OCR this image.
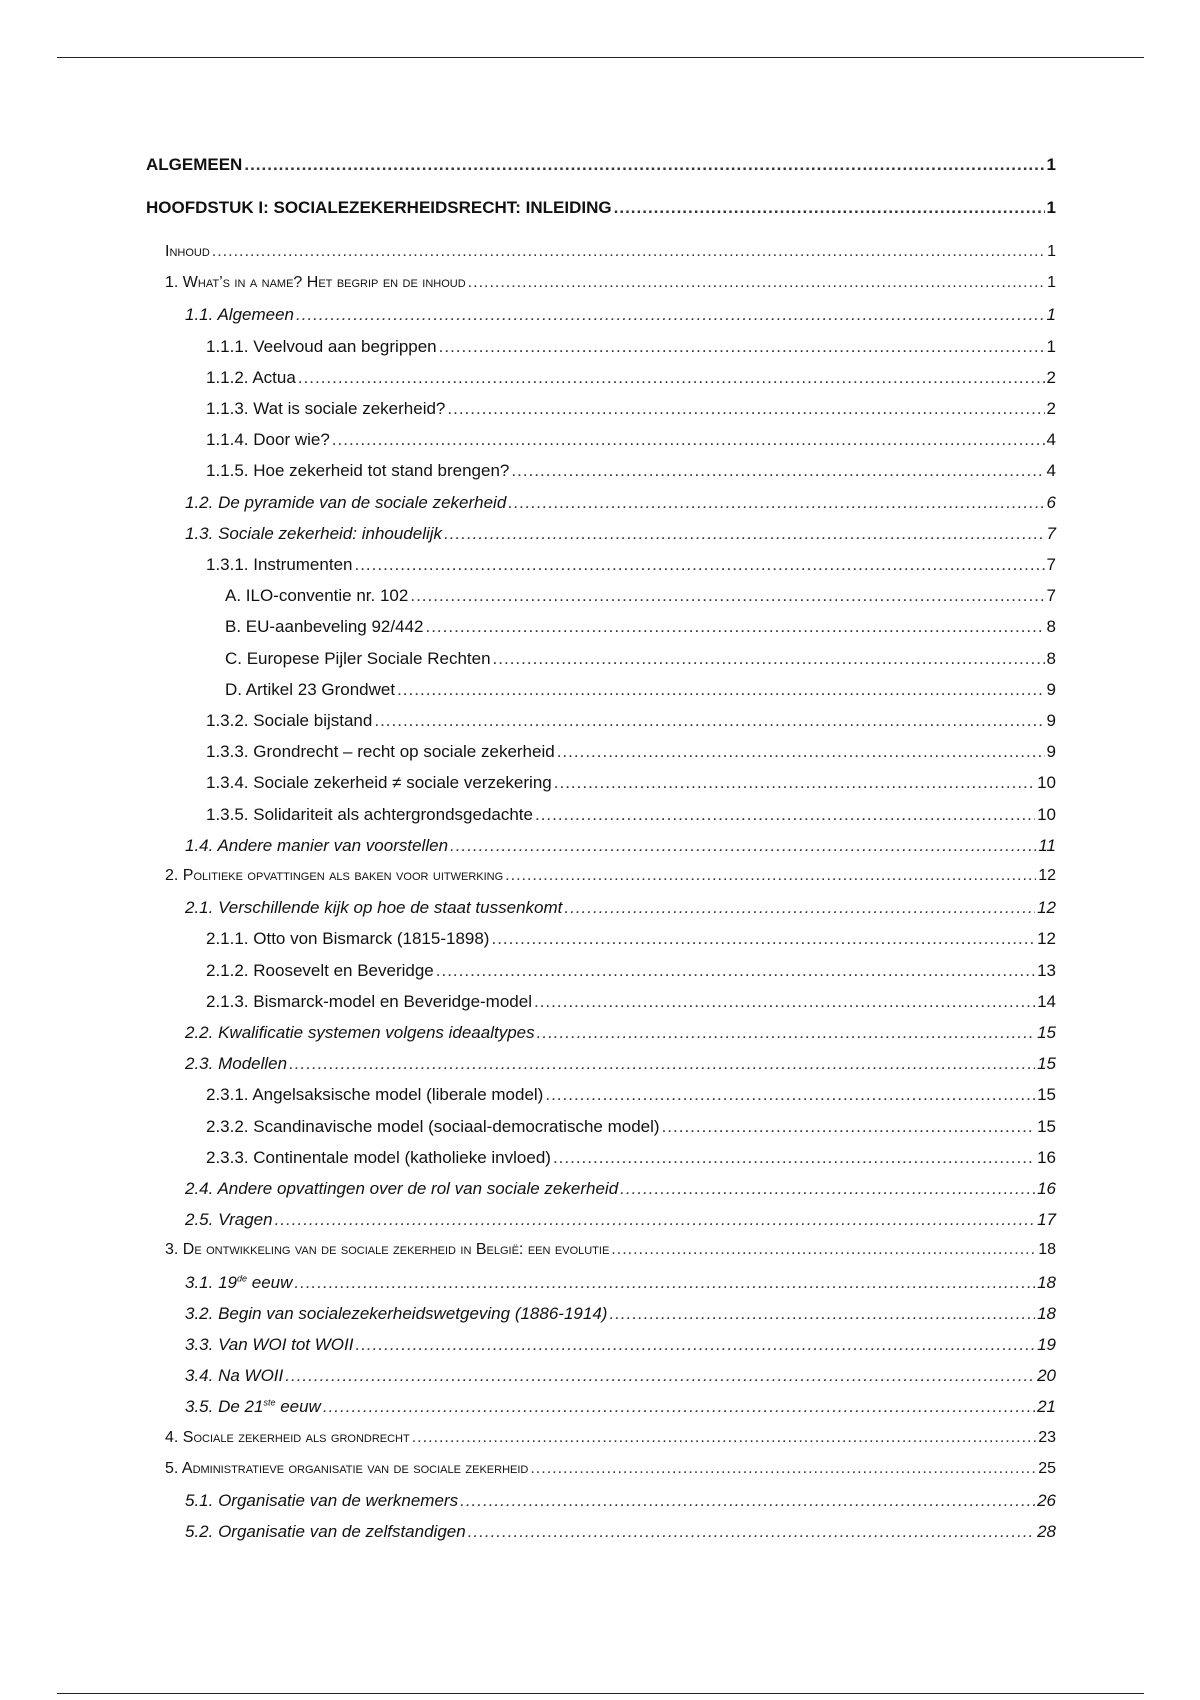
ALGEMEEN .....	1
HOOFDSTUK I: SOCIALEZEKERHEIDSRECHT: INLEIDING .....	1
Inhoud .....	1
1. What’s in a name? Het begrip en de inhoud .....	1
1.1. Algemeen .....	1
1.1.1. Veelvoud aan begrippen .....	1
1.1.2. Actua .....	2
1.1.3. Wat is sociale zekerheid? .....	2
1.1.4. Door wie? .....	4
1.1.5. Hoe zekerheid tot stand brengen? .....	4
1.2. De pyramide van de sociale zekerheid .....	6
1.3. Sociale zekerheid: inhoudelijk .....	7
1.3.1. Instrumenten .....	7
A. ILO-conventie nr. 102 .....	7
B. EU-aanbeveling 92/442 .....	8
C. Europese Pijler Sociale Rechten .....	8
D. Artikel 23 Grondwet .....	9
1.3.2. Sociale bijstand .....	9
1.3.3. Grondrecht – recht op sociale zekerheid .....	9
1.3.4. Sociale zekerheid ≠ sociale verzekering .....	10
1.3.5. Solidariteit als achtergrondsgedachte .....	10
1.4. Andere manier van voorstellen .....	11
2. Politieke opvattingen als baken voor uitwerking .....	12
2.1. Verschillende kijk op hoe de staat tussenkomt .....	12
2.1.1. Otto von Bismarck (1815-1898) .....	12
2.1.2. Roosevelt en Beveridge .....	13
2.1.3. Bismarck-model en Beveridge-model .....	14
2.2. Kwalificatie systemen volgens ideaaltypes .....	15
2.3. Modellen .....	15
2.3.1. Angelsaksische model (liberale model) .....	15
2.3.2. Scandinavische model (sociaal-democratische model) .....	15
2.3.3. Continentale model (katholieke invloed) .....	16
2.4. Andere opvattingen over de rol van sociale zekerheid .....	16
2.5. Vragen .....	17
3. De ontwikkeling van de sociale zekerheid in België: een evolutie .....	18
3.1. 19de eeuw .....	18
3.2. Begin van socialezekerheidswetgeving (1886-1914) .....	18
3.3. Van WOI tot WOII .....	19
3.4. Na WOII .....	20
3.5. De 21ste eeuw .....	21
4. Sociale zekerheid als grondrecht .....	23
5. Administratieve organisatie van de sociale zekerheid .....	25
5.1. Organisatie van de werknemers .....	26
5.2. Organisatie van de zelfstandigen .....	28
